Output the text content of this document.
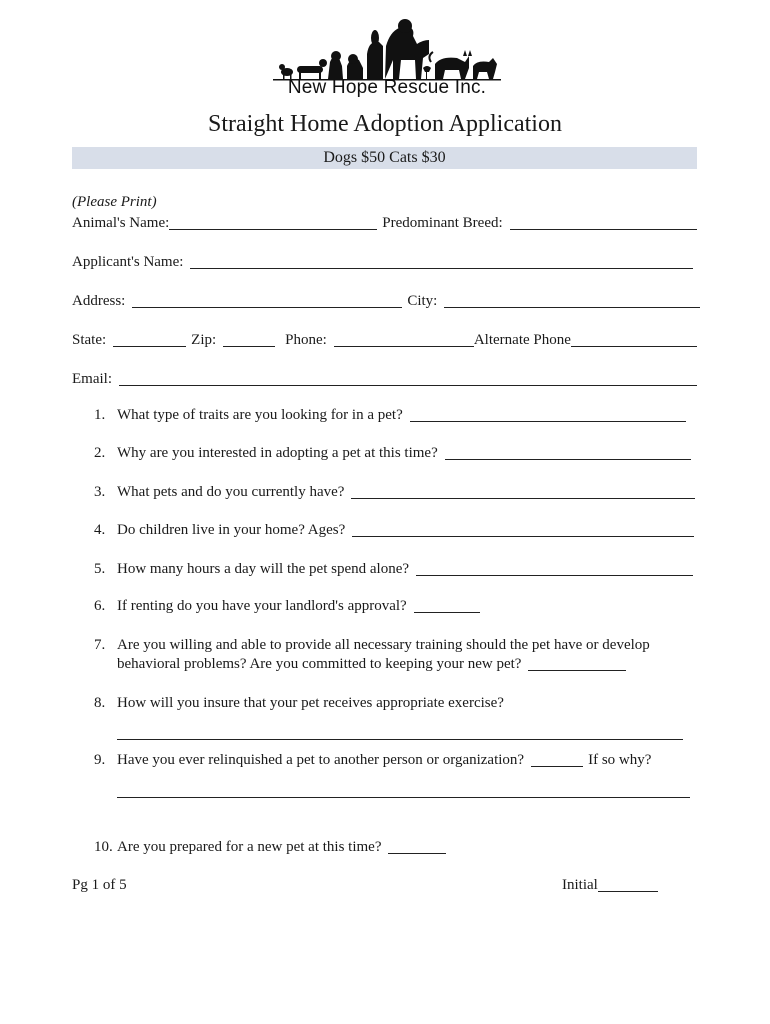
New Hope Rescue Inc.
Straight Home Adoption Application
Dogs $50 Cats $30
(Please Print)
Animal's Name:	Predominant Breed:
Applicant's Name:
Address:	City:
State:	Zip:	Phone:	Alternate Phone
Email:
1. What type of traits are you looking for in a pet?
2. Why are you interested in adopting a pet at this time?
3. What pets and do you currently have?
4. Do children live in your home? Ages?
5. How many hours a day will the pet spend alone?
6. If renting do you have your landlord's approval?
7. Are you willing and able to provide all necessary training should the pet have or develop
behavioral problems? Are you committed to keeping your new pet?
8. How will you insure that your pet receives appropriate exercise?
9. Have you ever relinquished a pet to another person or organization?	If so why?
10. Are you prepared for a new pet at this time?
Pg 1 of 5	Initial
